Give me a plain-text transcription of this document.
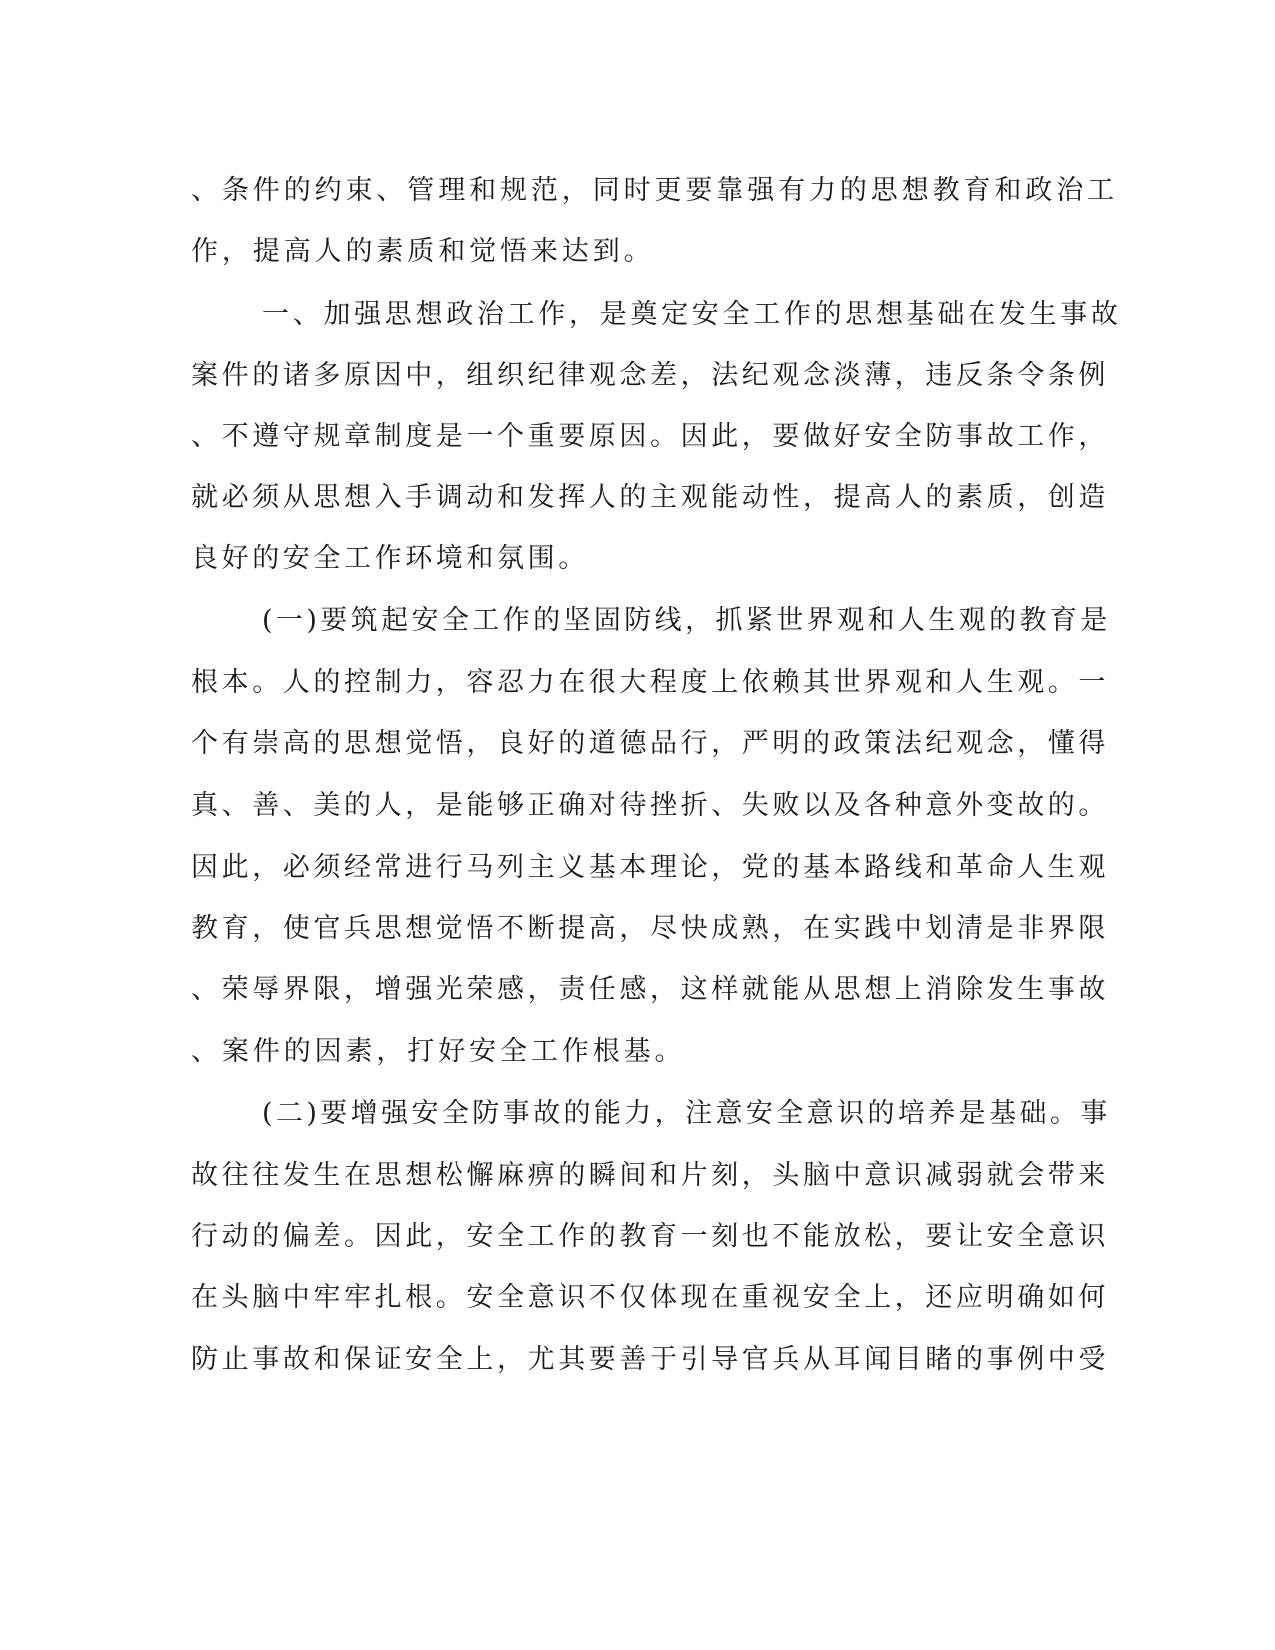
、条件的约束、管理和规范，同时更要靠强有力的思想教育和政治工

作，提高人的素质和觉悟来达到。

一、加强思想政治工作，是奠定安全工作的思想基础在发生事故

案件的诸多原因中，组织纪律观念差，法纪观念淡薄，违反条令条例

、不遵守规章制度是一个重要原因。因此，要做好安全防事故工作，

就必须从思想入手调动和发挥人的主观能动性，提高人的素质，创造

良好的安全工作环境和氛围。

(一)要筑起安全工作的坚固防线，抓紧世界观和人生观的教育是

根本。人的控制力，容忍力在很大程度上依赖其世界观和人生观。一

个有崇高的思想觉悟，良好的道德品行，严明的政策法纪观念，懂得

真、善、美的人，是能够正确对待挫折、失败以及各种意外变故的。

因此，必须经常进行马列主义基本理论，党的基本路线和革命人生观

教育，使官兵思想觉悟不断提高，尽快成熟，在实践中划清是非界限

、荣辱界限，增强光荣感，责任感，这样就能从思想上消除发生事故

、案件的因素，打好安全工作根基。

(二)要增强安全防事故的能力，注意安全意识的培养是基础。事

故往往发生在思想松懈麻痹的瞬间和片刻，头脑中意识减弱就会带来

行动的偏差。因此，安全工作的教育一刻也不能放松，要让安全意识

在头脑中牢牢扎根。安全意识不仅体现在重视安全上，还应明确如何

防止事故和保证安全上，尤其要善于引导官兵从耳闻目睹的事例中受
